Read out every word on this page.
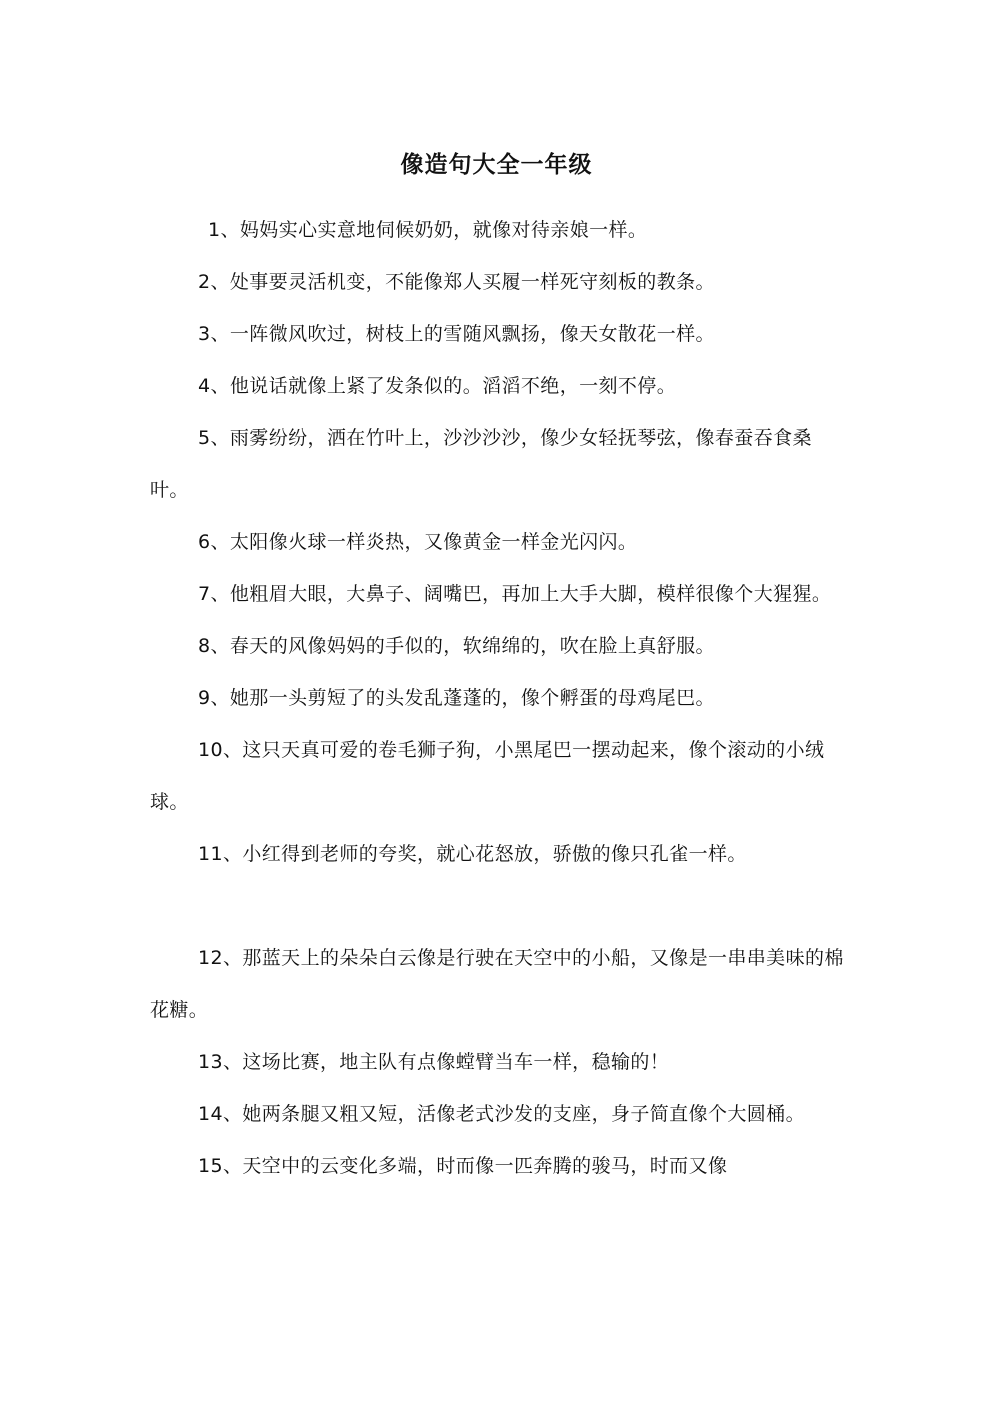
像造句大全一年级

1、妈妈实心实意地伺候奶奶，就像对待亲娘一样。

2、处事要灵活机变，不能像郑人买履一样死守刻板的教条。

3、一阵微风吹过，树枝上的雪随风飘扬，像天女散花一样。

4、他说话就像上紧了发条似的。滔滔不绝，一刻不停。

5、雨雾纷纷，洒在竹叶上，沙沙沙沙，像少女轻抚琴弦，像春蚕吞食桑叶。

6、太阳像火球一样炎热，又像黄金一样金光闪闪。

7、他粗眉大眼，大鼻子、阔嘴巴，再加上大手大脚，模样很像个大猩猩。

8、春天的风像妈妈的手似的，软绵绵的，吹在脸上真舒服。

9、她那一头剪短了的头发乱蓬蓬的，像个孵蛋的母鸡尾巴。

10、这只天真可爱的卷毛狮子狗，小黑尾巴一摆动起来，像个滚动的小绒球。

11、小红得到老师的夸奖，就心花怒放，骄傲的像只孔雀一样。

12、那蓝天上的朵朵白云像是行驶在天空中的小船，又像是一串串美味的棉花糖。

13、这场比赛，地主队有点像螳臂当车一样，稳输的！

14、她两条腿又粗又短，活像老式沙发的支座，身子简直像个大圆桶。

15、天空中的云变化多端，时而像一匹奔腾的骏马，时而又像
